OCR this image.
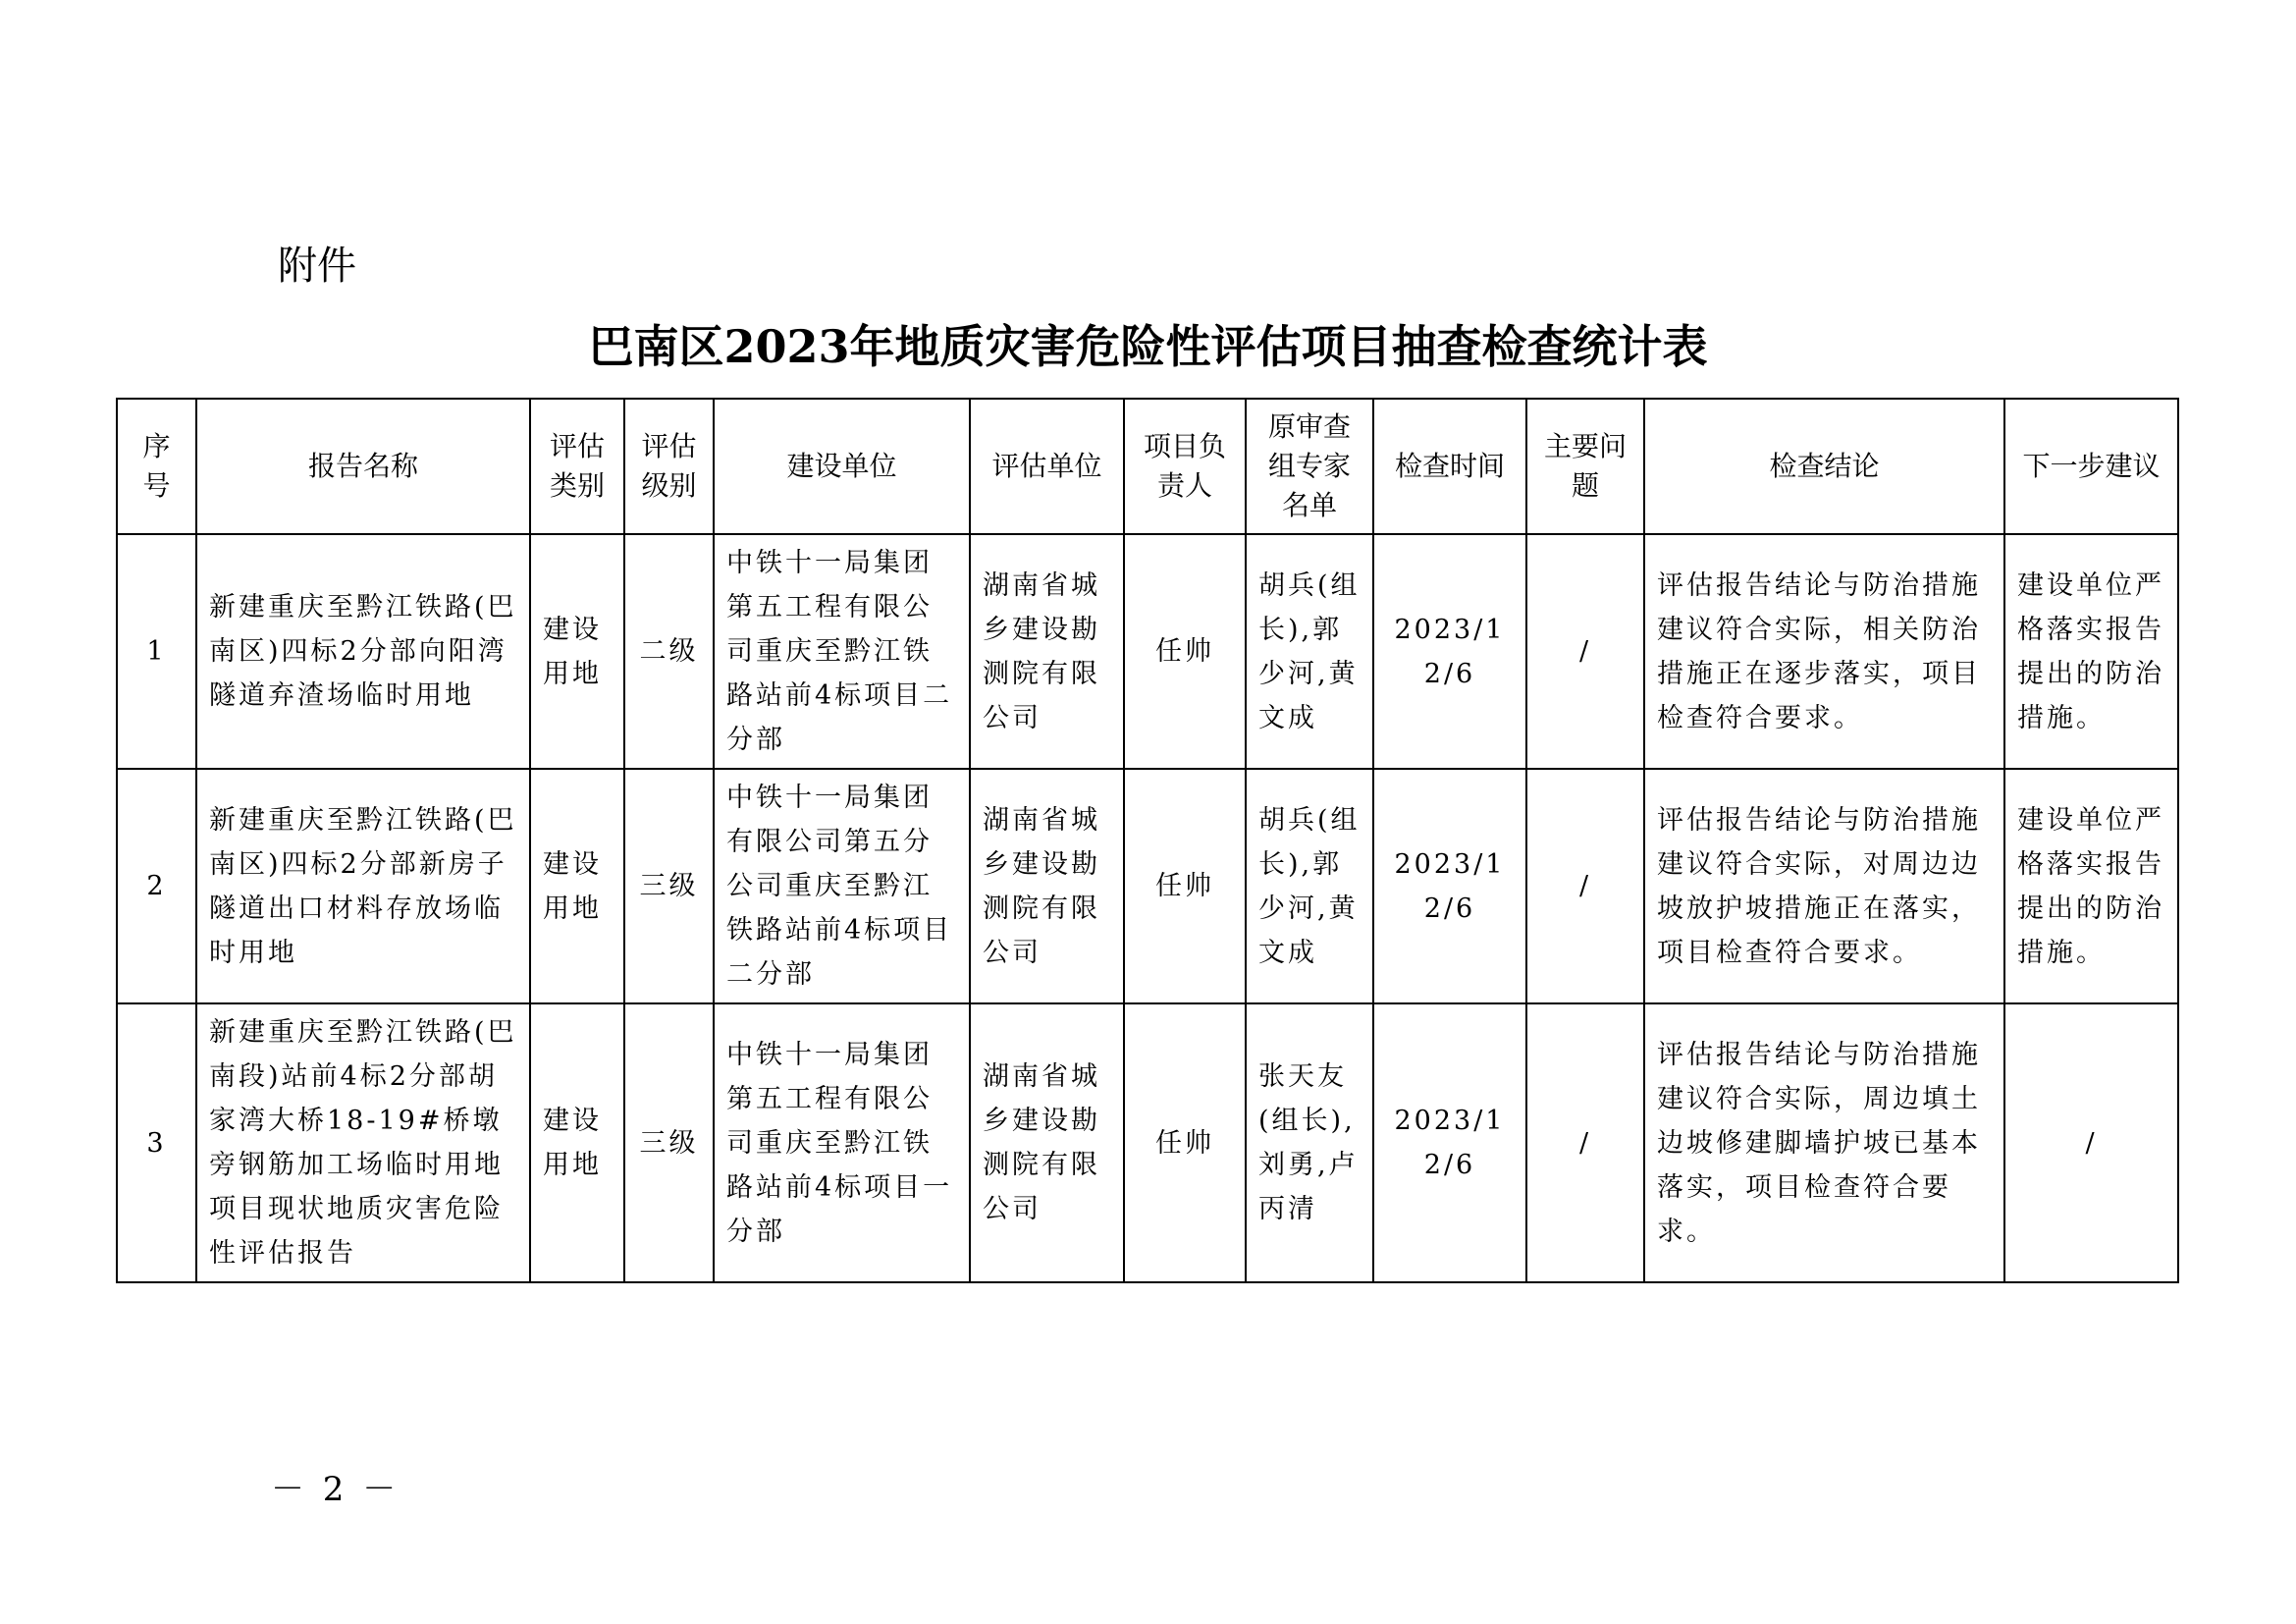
附件
巴南区2023年地质灾害危险性评估项目抽查检查统计表
序号	报告名称	评估类别	评估级别	建设单位	评估单位	项目负责人	原审查组专家名单	检查时间	主要问题	检查结论	下一步建议
1	新建重庆至黔江铁路(巴南区)四标2分部向阳湾隧道弃渣场临时用地	建设用地	二级	中铁十一局集团第五工程有限公司重庆至黔江铁路站前4标项目二分部	湖南省城乡建设勘测院有限公司	任帅	胡兵(组长),郭少河,黄文成	2023/12/6	/	评估报告结论与防治措施建议符合实际，相关防治措施正在逐步落实，项目检查符合要求。	建设单位严格落实报告提出的防治措施。
2	新建重庆至黔江铁路(巴南区)四标2分部新房子隧道出口材料存放场临时用地	建设用地	三级	中铁十一局集团有限公司第五分公司重庆至黔江铁路站前4标项目二分部	湖南省城乡建设勘测院有限公司	任帅	胡兵(组长),郭少河,黄文成	2023/12/6	/	评估报告结论与防治措施建议符合实际，对周边边坡放护坡措施正在落实，项目检查符合要求。	建设单位严格落实报告提出的防治措施。
3	新建重庆至黔江铁路(巴南段)站前4标2分部胡家湾大桥18-19#桥墩旁钢筋加工场临时用地项目现状地质灾害危险性评估报告	建设用地	三级	中铁十一局集团第五工程有限公司重庆至黔江铁路站前4标项目一分部	湖南省城乡建设勘测院有限公司	任帅	张天友(组长),刘勇,卢丙清	2023/12/6	/	评估报告结论与防治措施建议符合实际，周边填土边坡修建脚墙护坡已基本落实，项目检查符合要求。	/
－ 2 －
